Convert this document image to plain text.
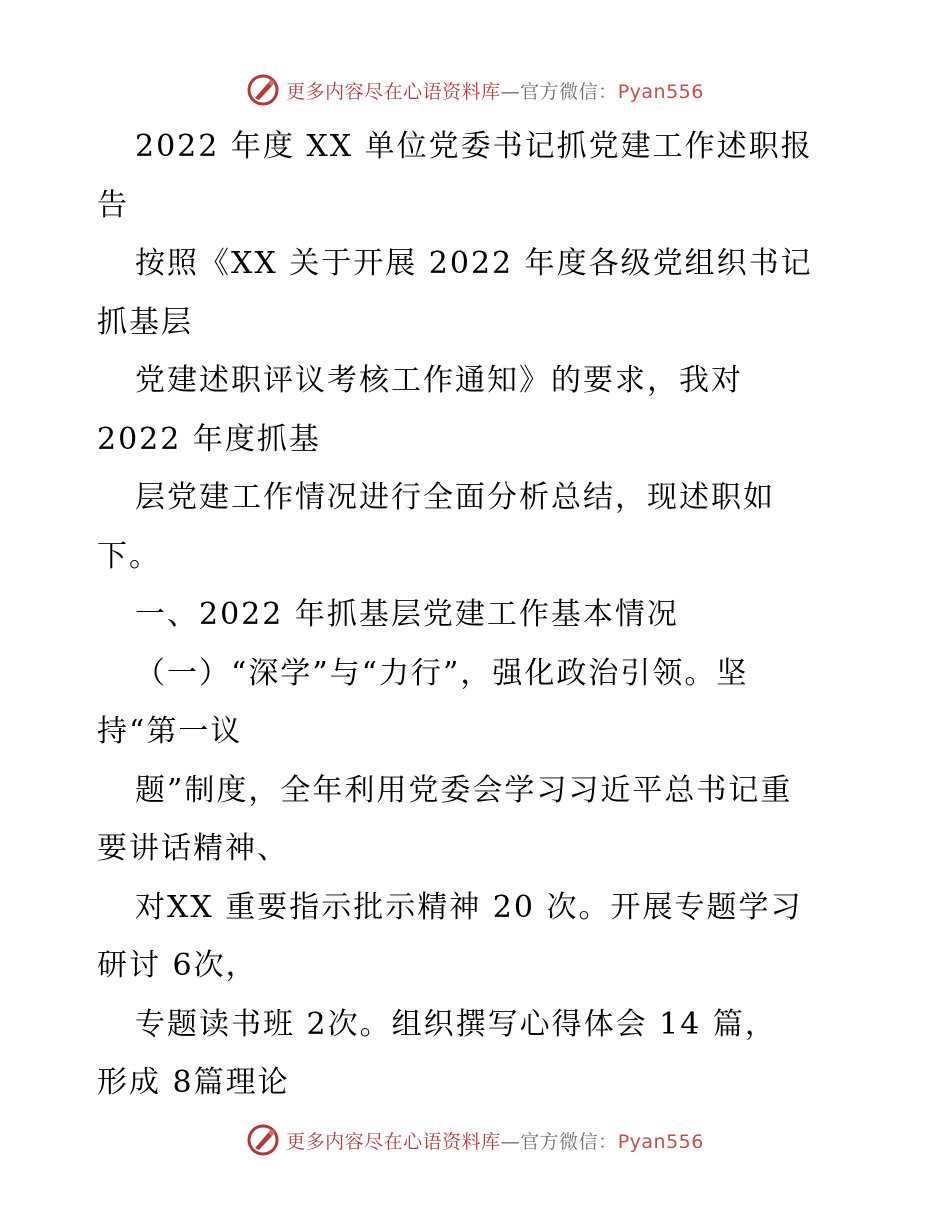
更多内容尽在心语资料库—官方微信：Pyan556
2022 年度 XX 单位党委书记抓党建工作述职报
告
按照《XX 关于开展 2022 年度各级党组织书记
抓基层
党建述职评议考核工作通知》的要求，我对
2022 年度抓基
层党建工作情况进行全面分析总结，现述职如
下。
一、2022 年抓基层党建工作基本情况
（一）“深学”与“力行”，强化政治引领。坚
持“第一议
题”制度，全年利用党委会学习习近平总书记重
要讲话精神、
对XX 重要指示批示精神 20 次。开展专题学习
研讨 6次，
专题读书班 2次。组织撰写心得体会 14 篇，
形成 8篇理论
更多内容尽在心语资料库—官方微信：Pyan556
